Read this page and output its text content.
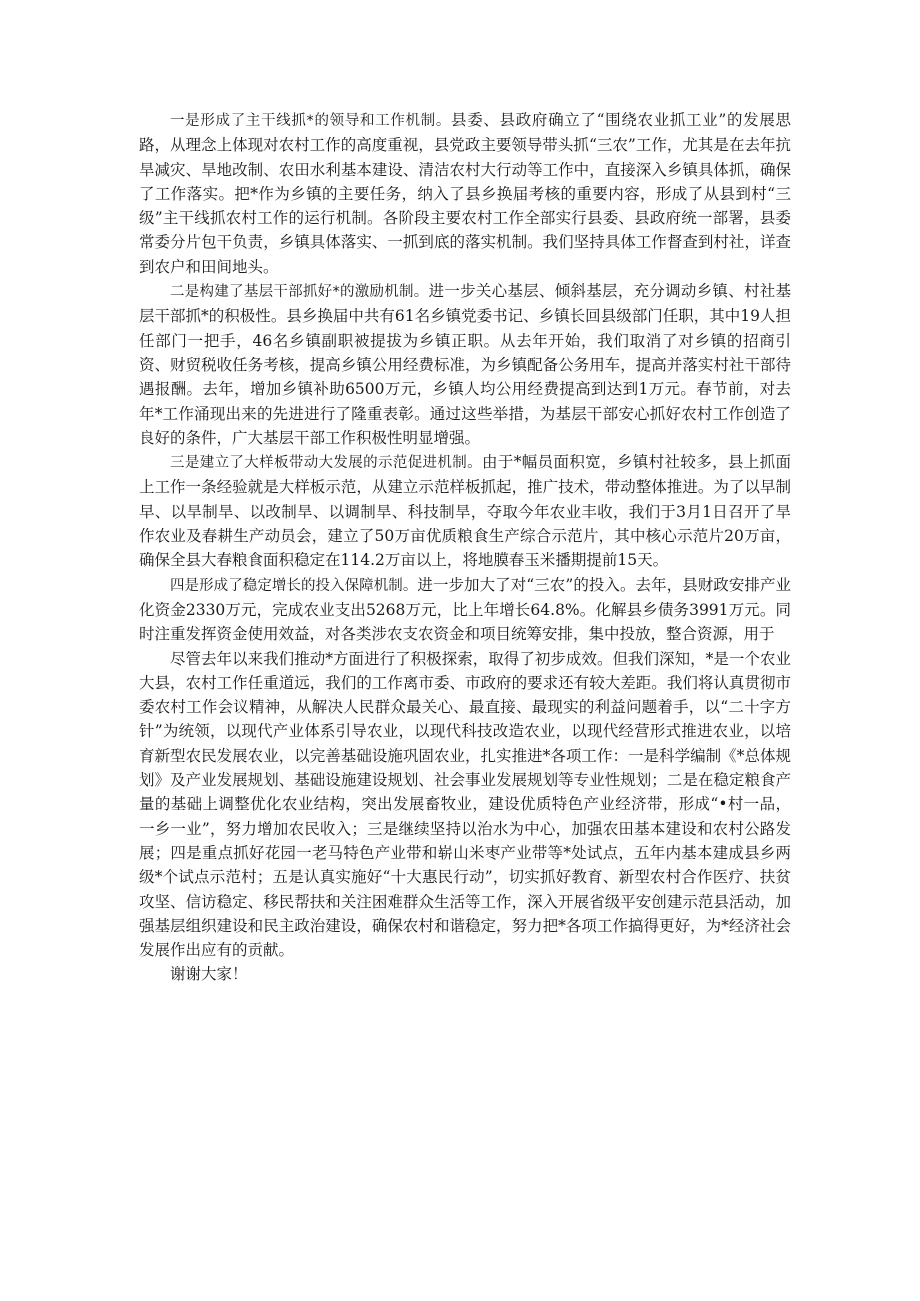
一是形成了主干线抓*的领导和工作机制。县委、县政府确立了“围绕农业抓工业”的发展思路，从理念上体现对农村工作的高度重视，县党政主要领导带头抓“三农”工作，尤其是在去年抗旱减灾、旱地改制、农田水利基本建设、清洁农村大行动等工作中，直接深入乡镇具体抓，确保了工作落实。把*作为乡镇的主要任务，纳入了县乡换届考核的重要内容，形成了从县到村“三级”主干线抓农村工作的运行机制。各阶段主要农村工作全部实行县委、县政府统一部署，县委常委分片包干负责，乡镇具体落实、一抓到底的落实机制。我们坚持具体工作督查到村社，详查到农户和田间地头。

二是构建了基层干部抓好*的激励机制。进一步关心基层、倾斜基层，充分调动乡镇、村社基层干部抓*的积极性。县乡换届中共有61名乡镇党委书记、乡镇长回县级部门任职，其中19人担任部门一把手，46名乡镇副职被提拔为乡镇正职。从去年开始，我们取消了对乡镇的招商引资、财贸税收任务考核，提高乡镇公用经费标准，为乡镇配备公务用车，提高并落实村社干部待遇报酬。去年，增加乡镇补助6500万元，乡镇人均公用经费提高到达到1万元。春节前，对去年*工作涌现出来的先进进行了隆重表彰。通过这些举措，为基层干部安心抓好农村工作创造了良好的条件，广大基层干部工作积极性明显增强。

三是建立了大样板带动大发展的示范促进机制。由于*幅员面积宽，乡镇村社较多，县上抓面上工作一条经验就是大样板示范，从建立示范样板抓起，推广技术，带动整体推进。为了以早制早、以旱制旱、以改制旱、以调制旱、科技制旱，夺取今年农业丰收，我们于3月1日召开了旱作农业及春耕生产动员会，建立了50万亩优质粮食生产综合示范片，其中核心示范片20万亩，确保全县大春粮食面积稳定在114.2万亩以上，将地膜春玉米播期提前15天。

四是形成了稳定增长的投入保障机制。进一步加大了对“三农”的投入。去年，县财政安排产业化资金2330万元，完成农业支出5268万元，比上年增长64.8%。化解县乡债务3991万元。同时注重发挥资金使用效益，对各类涉农支农资金和项目统筹安排，集中投放，整合资源，用于

尽管去年以来我们推动*方面进行了积极探索，取得了初步成效。但我们深知，*是一个农业大县，农村工作任重道远，我们的工作离市委、市政府的要求还有较大差距。我们将认真贯彻市委农村工作会议精神，从解决人民群众最关心、最直接、最现实的利益问题着手，以“二十字方针”为统领，以现代产业体系引导农业，以现代科技改造农业，以现代经营形式推进农业，以培育新型农民发展农业，以完善基础设施巩固农业，扎实推进*各项工作：一是科学编制《*总体规划》及产业发展规划、基础设施建设规划、社会事业发展规划等专业性规划；二是在稳定粮食产量的基础上调整优化农业结构，突出发展畜牧业，建设优质特色产业经济带，形成“•村一品，一乡一业”，努力增加农民收入；三是继续坚持以治水为中心，加强农田基本建设和农村公路发展；四是重点抓好花园一老马特色产业带和崭山米枣产业带等*处试点，五年内基本建成县乡两级*个试点示范村；五是认真实施好“十大惠民行动”，切实抓好教育、新型农村合作医疗、扶贫攻坚、信访稳定、移民帮扶和关注困难群众生活等工作，深入开展省级平安创建示范县活动，加强基层组织建设和民主政治建设，确保农村和谐稳定，努力把*各项工作搞得更好，为*经济社会发展作出应有的贡献。

谢谢大家！
